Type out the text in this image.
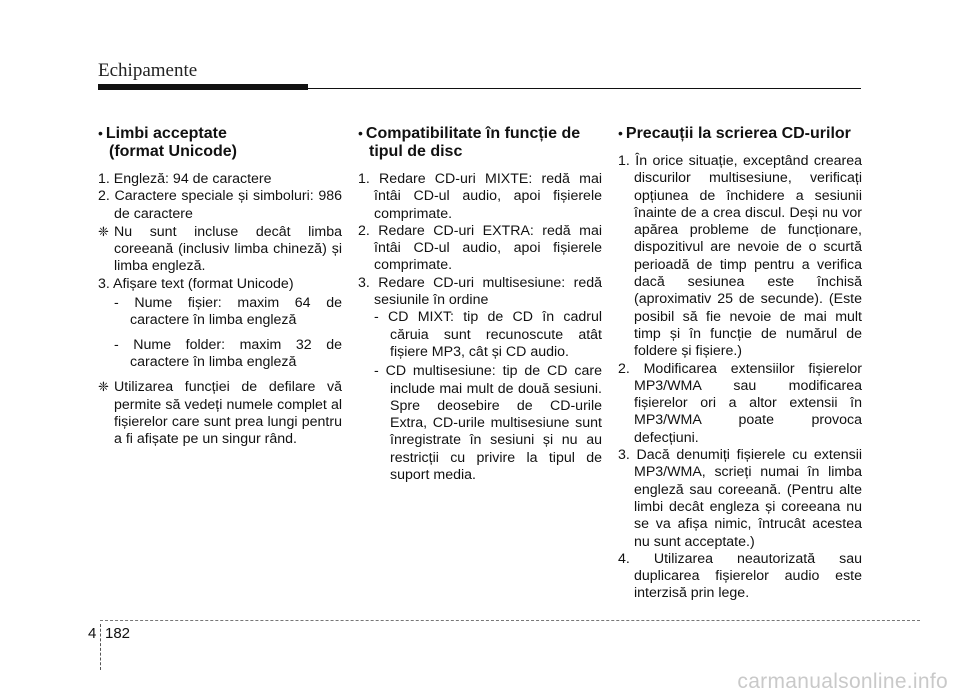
Echipamente
• Limbi acceptate
(format Unicode)

1. Engleză: 94 de caractere

2. Caractere speciale și simboluri: 986 de caractere

❈ Nu sunt incluse decât limba coreeană (inclusiv limba chineză) și limba engleză.

3. Afișare text (format Unicode)

- Nume fișier: maxim 64 de caractere în limba engleză

- Nume folder: maxim 32 de caractere în limba engleză

❈ Utilizarea funcției de defilare vă permite să vedeți numele complet al fișierelor care sunt prea lungi pentru a fi afișate pe un singur rând.

• Compatibilitate în funcție de
tipul de disc

1. Redare CD-uri MIXTE: redă mai întâi CD-ul audio, apoi fișierele comprimate.

2. Redare CD-uri EXTRA: redă mai întâi CD-ul audio, apoi fișierele comprimate.

3. Redare CD-uri multisesiune: redă sesiunile în ordine

- CD MIXT: tip de CD în cadrul căruia sunt recunoscute atât fișiere MP3, cât și CD audio.

- CD multisesiune: tip de CD care include mai mult de două sesiuni. Spre deosebire de CD-urile Extra, CD-urile multisesiune sunt înregistrate în sesiuni și nu au restricții cu privire la tipul de suport media.

• Precauții la scrierea CD-urilor

1. În orice situație, exceptând crearea discurilor multisesiune, verificați opțiunea de închidere a sesiunii înainte de a crea discul. Deși nu vor apărea probleme de funcționare, dispozitivul are nevoie de o scurtă perioadă de timp pentru a verifica dacă sesiunea este închisă (aproximativ 25 de secunde). (Este posibil să fie nevoie de mai mult timp și în funcție de numărul de foldere și fișiere.)

2. Modificarea extensiilor fișierelor MP3/WMA sau modificarea fișierelor ori a altor extensii în MP3/WMA poate provoca defecțiuni.

3. Dacă denumiți fișierele cu extensii MP3/WMA, scrieți numai în limba engleză sau coreeană. (Pentru alte limbi decât engleza și coreeana nu se va afișa nimic, întrucât acestea nu sunt acceptate.)

4. Utilizarea neautorizată sau duplicarea fișierelor audio este interzisă prin lege.

4 182
carmanualsonline.info
